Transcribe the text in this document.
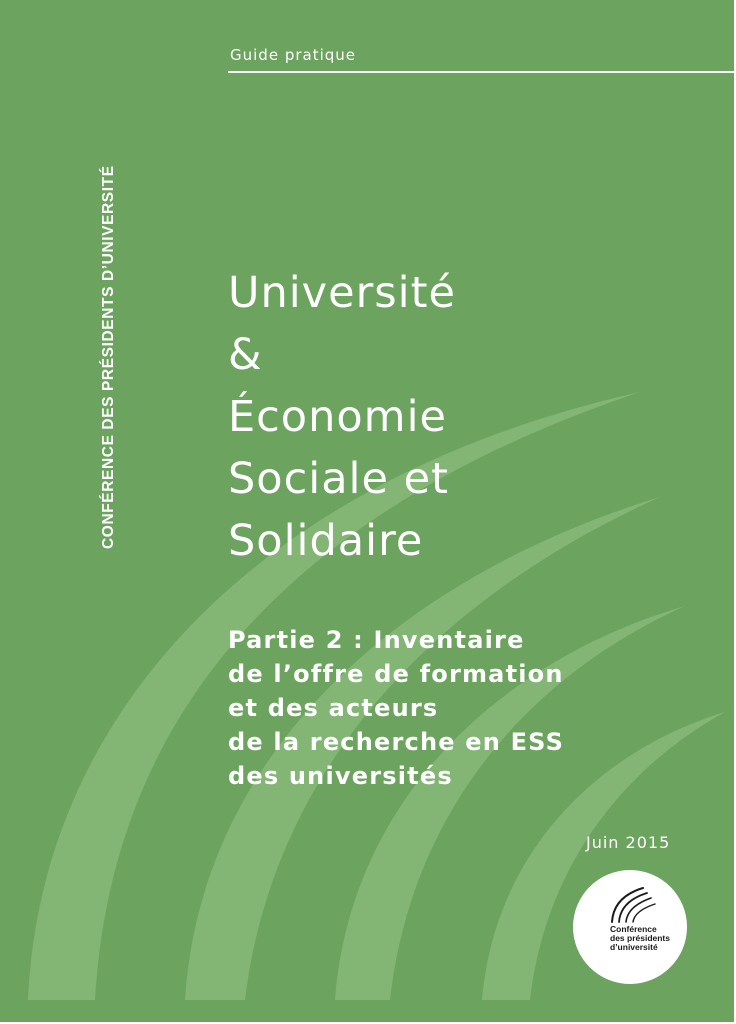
Guide pratique
CONFÉRENCE DES PRÉSIDENTS D’UNIVERSITÉ	Université
&
Économie
Sociale et
Solidaire
Partie 2 : Inventaire
de l’offre de formation
et des acteurs
de la recherche en ESS
des universités
Juin 2015
Conférence
des présidents
d’université
